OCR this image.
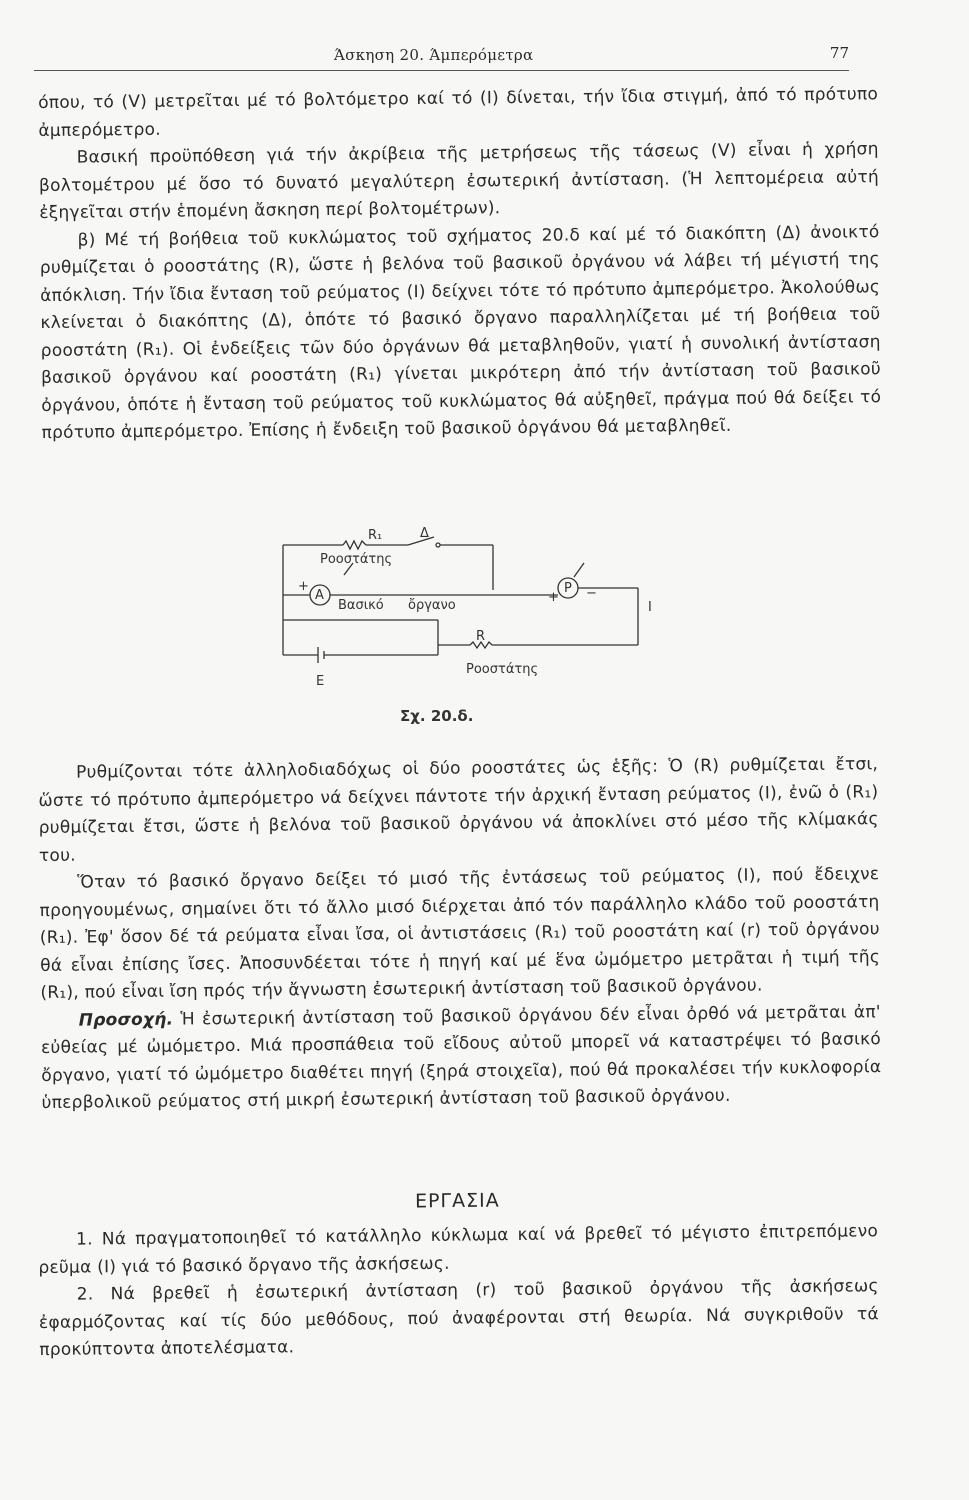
Άσκηση 20. Άμπερόμετρα	77

όπου, τό (V) μετρεῖται μέ τό βολτόμετρο καί τό (I) δίνεται, τήν ἴδια στιγμή, ἀπό τό πρότυπο ἀμπερόμετρο.

Βασική προϋπόθεση γιά τήν ἀκρίβεια τῆς μετρήσεως τῆς τάσεως (V) εἶναι ἡ χρήση βολτομέτρου μέ ὅσο τό δυνατό μεγαλύτερη ἐσωτερική ἀντίσταση. (Ἡ λεπτομέρεια αὐτή ἐξηγεῖται στήν ἑπομένη ἄσκηση περί βολτομέτρων).

β) Μέ τή βοήθεια τοῦ κυκλώματος τοῦ σχήματος 20.δ καί μέ τό διακόπτη (Δ) ἀνοικτό ρυθμίζεται ὁ ροοστάτης (R), ὥστε ἡ βελόνα τοῦ βασικοῦ ὀργάνου νά λάβει τή μέγιστή της ἀπόκλιση. Τήν ἴδια ἔνταση τοῦ ρεύματος (I) δείχνει τότε τό πρότυπο ἀμπερόμετρο. Ἀκολούθως κλείνεται ὁ διακόπτης (Δ), ὁπότε τό βασικό ὄργανο παραλληλίζεται μέ τή βοήθεια τοῦ ροοστάτη (R₁). Οἱ ἐνδείξεις τῶν δύο ὀργάνων θά μεταβληθοῦν, γιατί ἡ συνολική ἀντίσταση βασικοῦ ὀργάνου καί ροοστάτη (R₁) γίνεται μικρότερη ἀπό τήν ἀντίσταση τοῦ βασικοῦ ὀργάνου, ὁπότε ἡ ἔνταση τοῦ ρεύματος τοῦ κυκλώματος θά αὐξηθεῖ, πράγμα πού θά δείξει τό πρότυπο ἀμπερόμετρο. Ἐπίσης ἡ ἔνδειξη τοῦ βασικοῦ ὀργάνου θά μεταβληθεῖ.

R₁	Δ
Ροοστάτης
A
Βασικό ὄργανο
P
+
+ −
I
R
Ροοστάτης
E
Σχ. 20.δ.

Ρυθμίζονται τότε ἀλληλοδιαδόχως οἱ δύο ροοστάτες ὡς ἑξῆς: Ὁ (R) ρυθμίζεται ἔτσι, ὥστε τό πρότυπο ἀμπερόμετρο νά δείχνει πάντοτε τήν ἀρχική ἔνταση ρεύματος (I), ἐνῶ ὁ (R₁) ρυθμίζεται ἔτσι, ὥστε ἡ βελόνα τοῦ βασικοῦ ὀργάνου νά ἀποκλίνει στό μέσο τῆς κλίμακάς του.

Ὅταν τό βασικό ὄργανο δείξει τό μισό τῆς ἐντάσεως τοῦ ρεύματος (I), πού ἔδειχνε προηγουμένως, σημαίνει ὅτι τό ἄλλο μισό διέρχεται ἀπό τόν παράλληλο κλάδο τοῦ ροοστάτη (R₁). Ἐφ' ὅσον δέ τά ρεύματα εἶναι ἴσα, οἱ ἀντιστάσεις (R₁) τοῦ ροοστάτη καί (r) τοῦ ὀργάνου θά εἶναι ἐπίσης ἴσες. Ἀποσυνδέεται τότε ἡ πηγή καί μέ ἕνα ὠμόμετρο μετρᾶται ἡ τιμή τῆς (R₁), πού εἶναι ἴση πρός τήν ἄγνωστη ἐσωτερική ἀντίσταση τοῦ βασικοῦ ὀργάνου.

Προσοχή. Ἡ ἐσωτερική ἀντίσταση τοῦ βασικοῦ ὀργάνου δέν εἶναι ὀρθό νά μετρᾶται ἀπ' εὐθείας μέ ὠμόμετρο. Μιά προσπάθεια τοῦ εἴδους αὐτοῦ μπορεῖ νά καταστρέψει τό βασικό ὄργανο, γιατί τό ὠμόμετρο διαθέτει πηγή (ξηρά στοιχεῖα), πού θά προκαλέσει τήν κυκλοφορία ὑπερβολικοῦ ρεύματος στή μικρή ἐσωτερική ἀντίσταση τοῦ βασικοῦ ὀργάνου.

ΕΡΓΑΣΙΑ

1. Νά πραγματοποιηθεῖ τό κατάλληλο κύκλωμα καί νά βρεθεῖ τό μέγιστο ἐπιτρεπόμενο ρεῦμα (I) γιά τό βασικό ὄργανο τῆς ἀσκήσεως.

2. Νά βρεθεῖ ἡ ἐσωτερική ἀντίσταση (r) τοῦ βασικοῦ ὀργάνου τῆς ἀσκήσεως ἐφαρμόζοντας καί τίς δύο μεθόδους, πού ἀναφέρονται στή θεωρία. Νά συγκριθοῦν τά προκύπτοντα ἀποτελέσματα.
